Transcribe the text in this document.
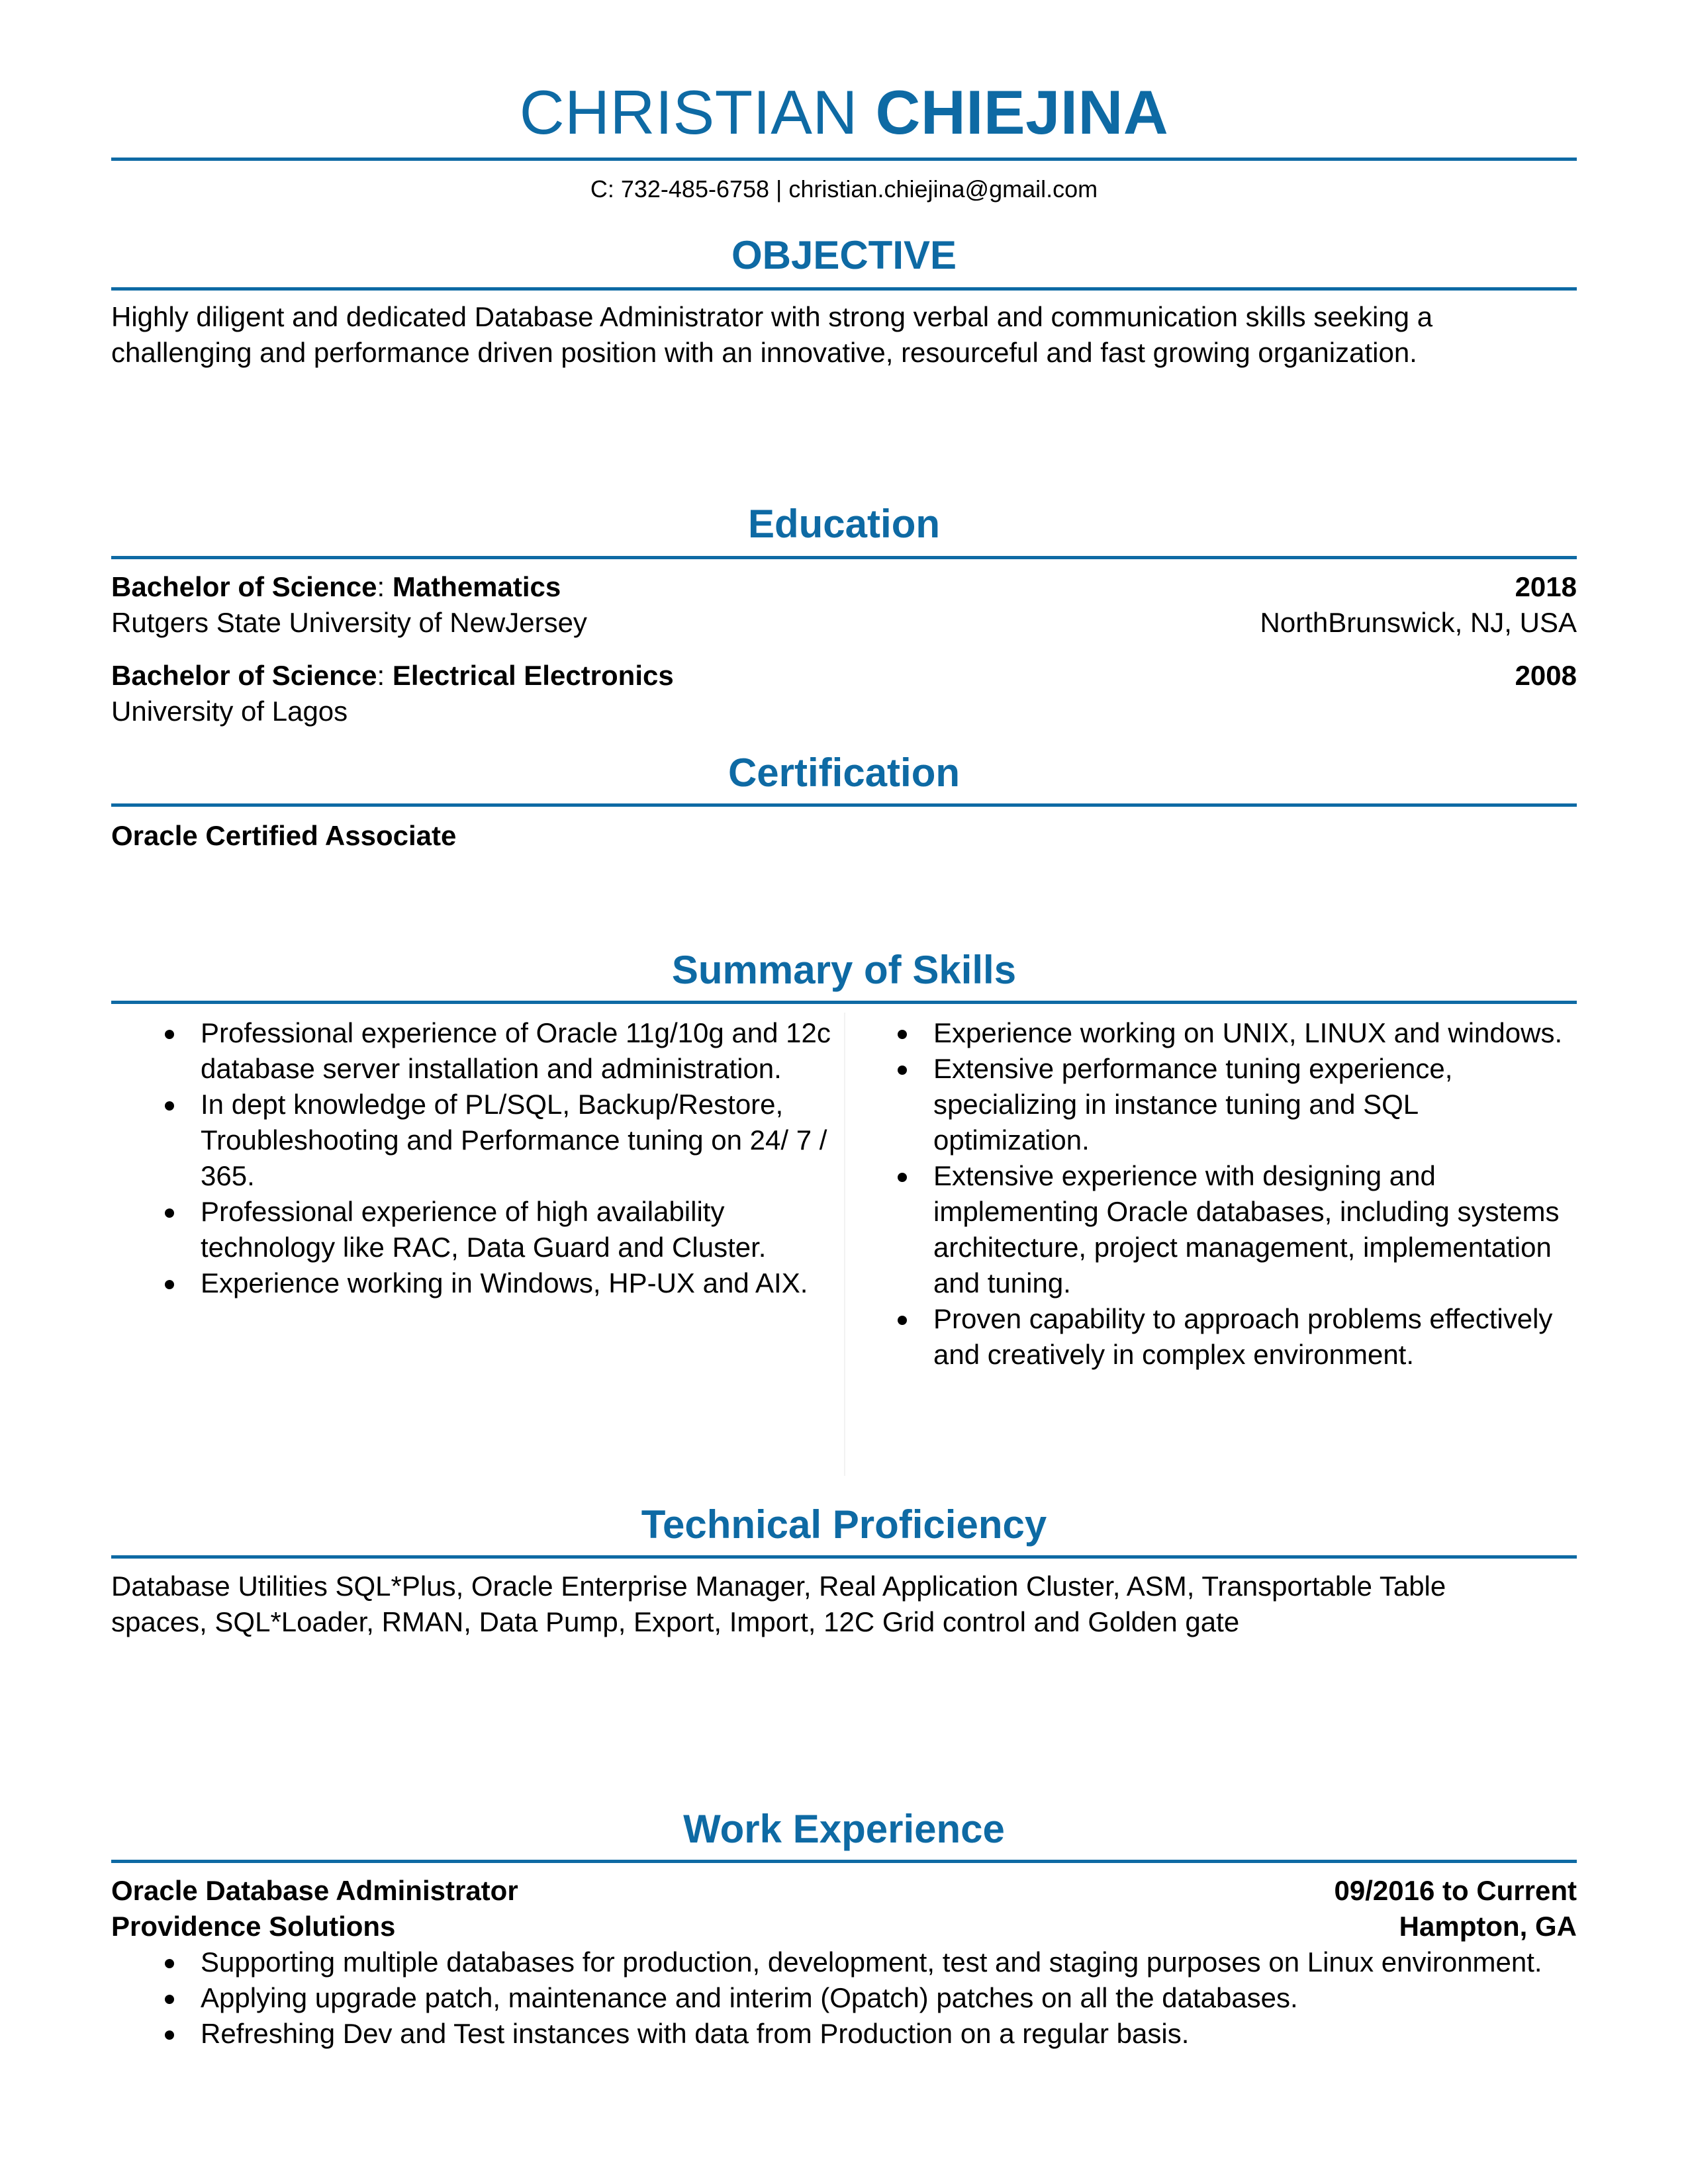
CHRISTIAN CHIEJINA
C: 732-485-6758 | christian.chiejina@gmail.com
OBJECTIVE
Highly diligent and dedicated Database Administrator with strong verbal and communication skills seeking a
challenging and performance driven position with an innovative, resourceful and fast growing organization.
Education
Bachelor of Science: Mathematics	2018
Rutgers State University of NewJersey	NorthBrunswick, NJ, USA
Bachelor of Science: Electrical Electronics	2008
University of Lagos
Certification
Oracle Certified Associate
Summary of Skills
Professional experience of Oracle 11g/10g and 12c database server installation and administration.
In dept knowledge of PL/SQL, Backup/Restore, Troubleshooting and Performance tuning on 24/ 7 / 365.
Professional experience of high availability technology like RAC, Data Guard and Cluster.
Experience working in Windows, HP-UX and AIX.
Experience working on UNIX, LINUX and windows.
Extensive performance tuning experience, specializing in instance tuning and SQL optimization.
Extensive experience with designing and implementing Oracle databases, including systems architecture, project management, implementation and tuning.
Proven capability to approach problems effectively and creatively in complex environment.
Technical Proficiency
Database Utilities SQL*Plus, Oracle Enterprise Manager, Real Application Cluster, ASM, Transportable Table
spaces, SQL*Loader, RMAN, Data Pump, Export, Import, 12C Grid control and Golden gate
Work Experience
Oracle Database Administrator	09/2016 to Current
Providence Solutions	Hampton, GA
Supporting multiple databases for production, development, test and staging purposes on Linux environment.
Applying upgrade patch, maintenance and interim (Opatch) patches on all the databases.
Refreshing Dev and Test instances with data from Production on a regular basis.
